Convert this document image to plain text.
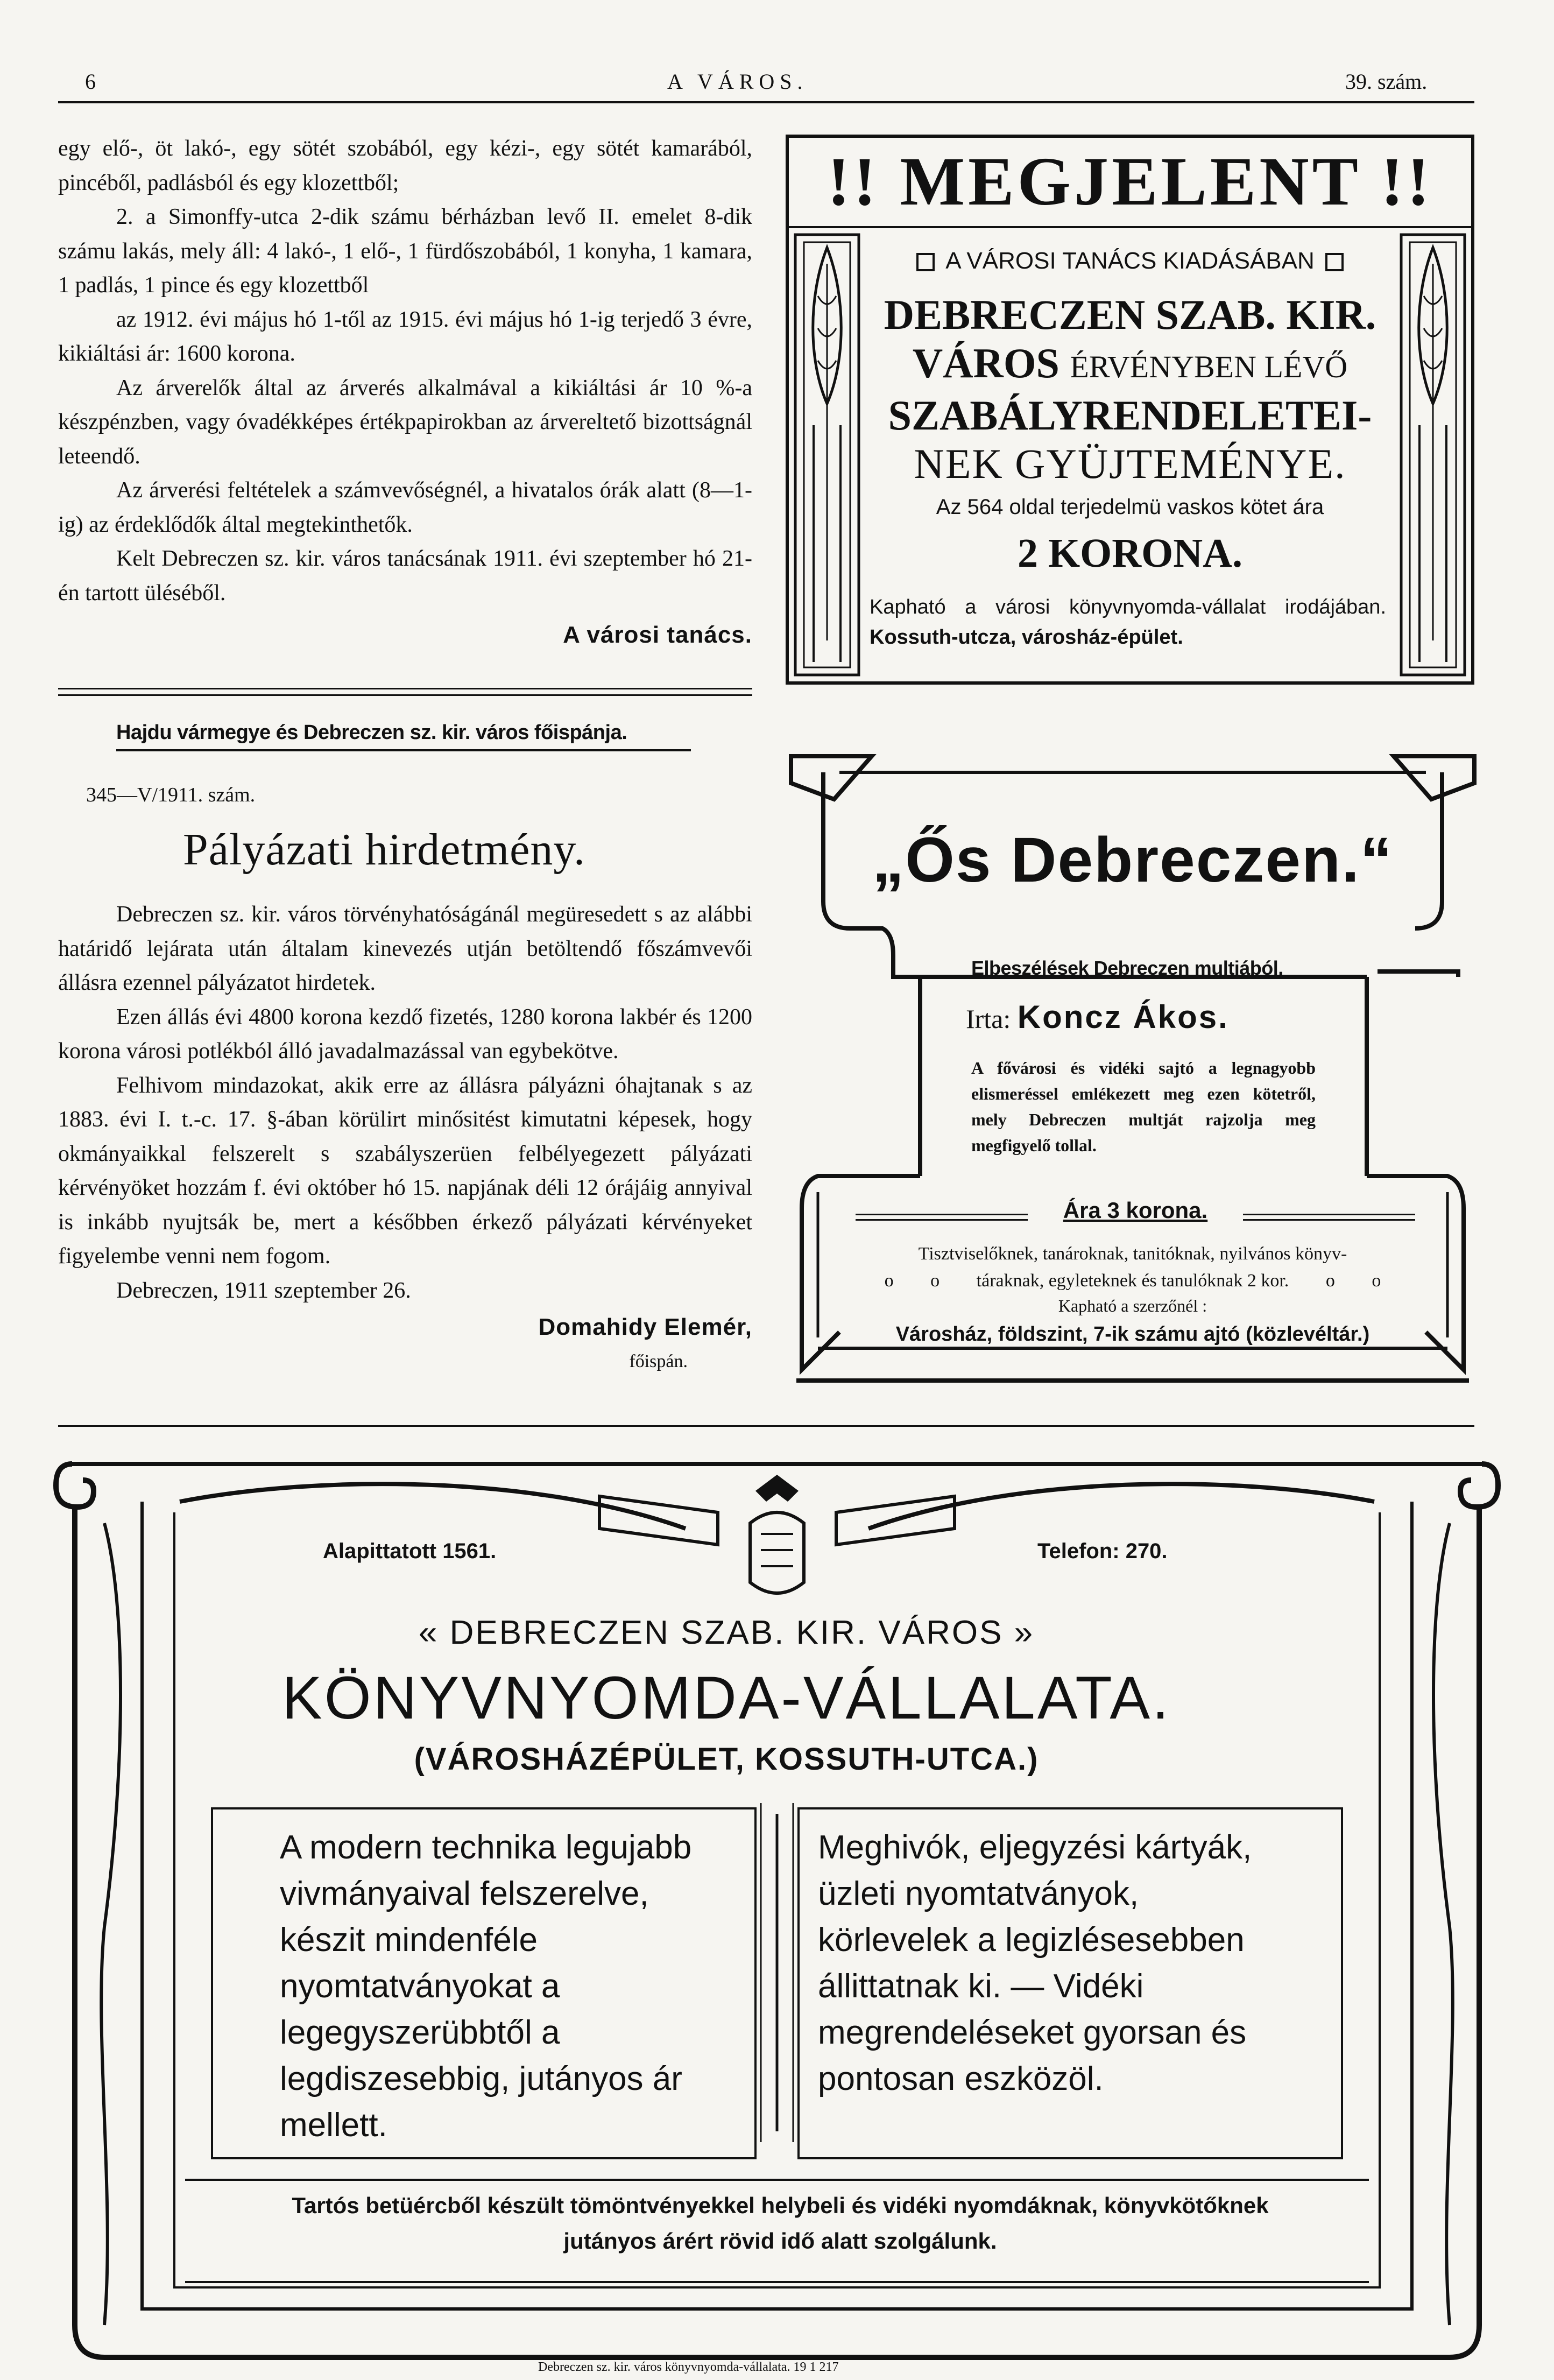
6	A VÁROS.	39. szám.

egy elő-, öt lakó-, egy sötét szobából, egy kézi-, egy sötét kamarából, pincéből, padlásból és egy klozettből;

2. a Simonffy-utca 2-dik számu bérházban levő II. emelet 8-dik számu lakás, mely áll: 4 lakó-, 1 elő-, 1 fürdőszobából, 1 konyha, 1 kamara, 1 padlás, 1 pince és egy klozettből

az 1912. évi május hó 1-től az 1915. évi május hó 1-ig terjedő 3 évre, kikiáltási ár: 1600 korona.

Az árverelők által az árverés alkalmával a kikiáltási ár 10 %-a készpénzben, vagy óvadékképes értékpapirokban az árvereltető bizottságnál leteendő.

Az árverési feltételek a számvevőségnél, a hivatalos órák alatt (8—1-ig) az érdeklődők által megtekinthetők.

Kelt Debreczen sz. kir. város tanácsának 1911. évi szeptember hó 21-én tartott üléséből.

A városi tanács.
Hajdu vármegye és Debreczen sz. kir. város főispánja.
345—V/1911. szám.
Pályázati hirdetmény.

Debreczen sz. kir. város törvényhatóságánál megüresedett s az alábbi határidő lejárata után általam kinevezés utján betöltendő főszámvevői állásra ezennel pályázatot hirdetek.

Ezen állás évi 4800 korona kezdő fizetés, 1280 korona lakbér és 1200 korona városi potlékból álló javadalmazással van egybekötve.

Felhivom mindazokat, akik erre az állásra pályázni óhajtanak s az 1883. évi I. t.-c. 17. §-ában körülirt minősitést kimutatni képesek, hogy okmányaikkal felszerelt s szabályszerüen felbélyegezett pályázati kérvényöket hozzám f. évi október hó 15. napjának déli 12 órájáig annyival is inkább nyujtsák be, mert a későbben érkező pályázati kérvényeket figyelembe venni nem fogom.

Debreczen, 1911 szeptember 26.

Domahidy Elemér,
főispán.
!! MEGJELENT !!
A VÁROSI TANÁCS KIADÁSÁBAN
DEBRECZEN SZAB. KIR.
VÁROS ÉRVÉNYBEN LÉVŐ
SZABÁLYRENDELETEI-
NEK GYÜJTEMÉNYE.
Az 564 oldal terjedelmü vaskos kötet ára
2 KORONA.
Kapható a városi könyvnyomda-vállalat irodájában. Kossuth-utcza, városház-épület.
„Ős Debreczen.“
Elbeszélések Debreczen multjából.
Irta: Koncz Ákos.
A fővárosi és vidéki sajtó a legnagyobb elismeréssel emlékezett meg ezen kötetről, mely Debreczen multját rajzolja meg megfigyelő tollal.
Ára 3 korona.
Tisztviselőknek, tanároknak, tanitóknak, nyilvános könyv-
o o táraknak, egyleteknek és tanulóknak 2 kor. o o
Kapható a szerzőnél :
Városház, földszint, 7-ik számu ajtó (közlevéltár.)
Alapittatott 1561.	Telefon: 270.
« DEBRECZEN SZAB. KIR. VÁROS »
KÖNYVNYOMDA-VÁLLALATA.
(VÁROSHÁZÉPÜLET, KOSSUTH-UTCA.)
A modern technika legujabb vivmányaival felszerelve, készit mindenféle nyomtatványokat a legegyszerübbtől a legdiszesebbig, jutányos ár mellett.
Meghivók, eljegyzési kártyák, üzleti nyomtatványok, körlevelek a legizlésesebben állittatnak ki. — Vidéki megrendeléseket gyorsan és pontosan eszközöl.
Tartós betüércből készült tömöntvényekkel helybeli és vidéki nyomdáknak, könyvkötőknek jutányos árért rövid idő alatt szolgálunk.
Debreczen sz. kir. város könyvnyomda-vállalata. 19 1 217
